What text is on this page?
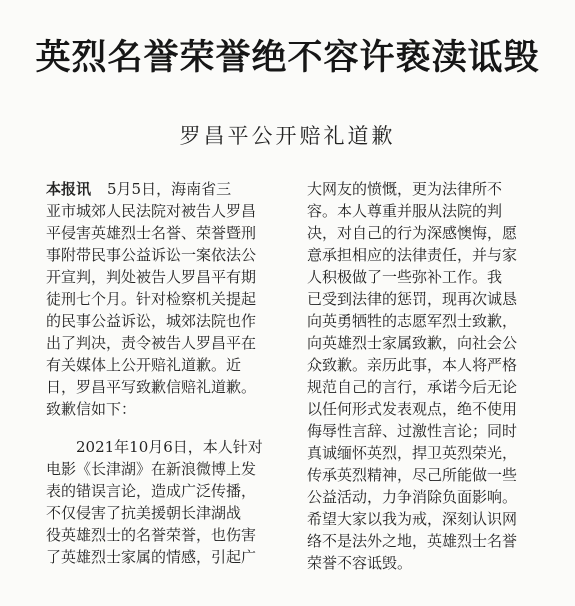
英烈名誉荣誉绝不容许亵渎诋毁
罗昌平公开赔礼道歉
本报讯 5月5日，海南省三
亚市城郊人民法院对被告人罗昌
平侵害英雄烈士名誉、荣誉暨刑
事附带民事公益诉讼一案依法公
开宣判，判处被告人罗昌平有期
徒刑七个月。针对检察机关提起
的民事公益诉讼，城郊法院也作
出了判决，责令被告人罗昌平在
有关媒体上公开赔礼道歉。近
日，罗昌平写致歉信赔礼道歉。
致歉信如下：
2021年10月6日，本人针对
电影《长津湖》在新浪微博上发
表的错误言论，造成广泛传播，
不仅侵害了抗美援朝长津湖战
役英雄烈士的名誉荣誉，也伤害
了英雄烈士家属的情感，引起广
大网友的愤慨，更为法律所不
容。本人尊重并服从法院的判
决，对自己的行为深感懊悔，愿
意承担相应的法律责任，并与家
人积极做了一些弥补工作。我
已受到法律的惩罚，现再次诚恳
向英勇牺牲的志愿军烈士致歉，
向英雄烈士家属致歉，向社会公
众致歉。亲历此事，本人将严格
规范自己的言行，承诺今后无论
以任何形式发表观点，绝不使用
侮辱性言辞、过激性言论；同时
真诚缅怀英烈，捍卫英烈荣光，
传承英烈精神，尽己所能做一些
公益活动，力争消除负面影响。
希望大家以我为戒，深刻认识网
络不是法外之地，英雄烈士名誉
荣誉不容诋毁。
